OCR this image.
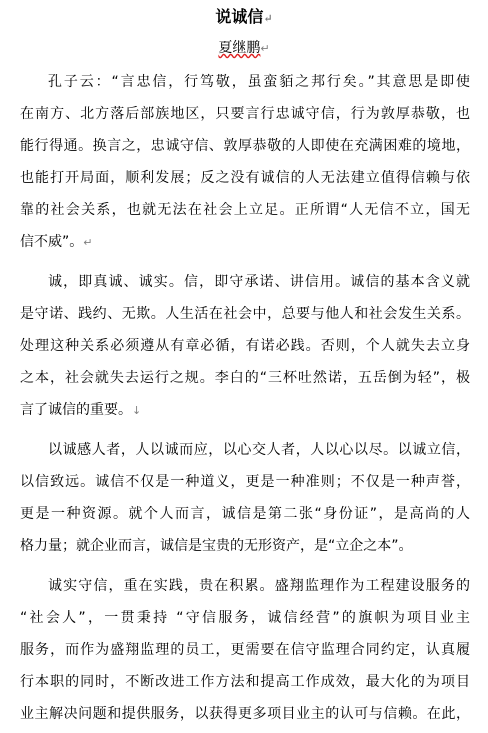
说诚信↵
夏继鹏↵
孔子云：“言忠信，行笃敬，虽蛮貊之邦行矣。”其意思是即使
在南方、北方落后部族地区，只要言行忠诚守信，行为敦厚恭敬，也
能行得通。换言之，忠诚守信、敦厚恭敬的人即使在充满困难的境地，
也能打开局面，顺利发展；反之没有诚信的人无法建立值得信赖与依
靠的社会关系，也就无法在社会上立足。正所谓“人无信不立，国无
信不威”。↵
诚，即真诚、诚实。信，即守承诺、讲信用。诚信的基本含义就
是守诺、践约、无欺。人生活在社会中，总要与他人和社会发生关系。
处理这种关系必须遵从有章必循，有诺必践。否则，个人就失去立身
之本，社会就失去运行之规。李白的“三杯吐然诺，五岳倒为轻”，极
言了诚信的重要。↓
以诚感人者，人以诚而应，以心交人者，人以心以尽。以诚立信，
以信致远。诚信不仅是一种道义，更是一种准则；不仅是一种声誉，
更是一种资源。就个人而言，诚信是第二张“身份证”，是高尚的人
格力量；就企业而言，诚信是宝贵的无形资产，是“立企之本”。
诚实守信，重在实践，贵在积累。盛翔监理作为工程建设服务的
“社会人”，一贯秉持 “守信服务，诚信经营”的旗帜为项目业主
服务，而作为盛翔监理的员工，更需要在信守监理合同约定，认真履
行本职的同时，不断改进工作方法和提高工作成效，最大化的为项目
业主解决问题和提供服务，以获得更多项目业主的认可与信赖。在此，
